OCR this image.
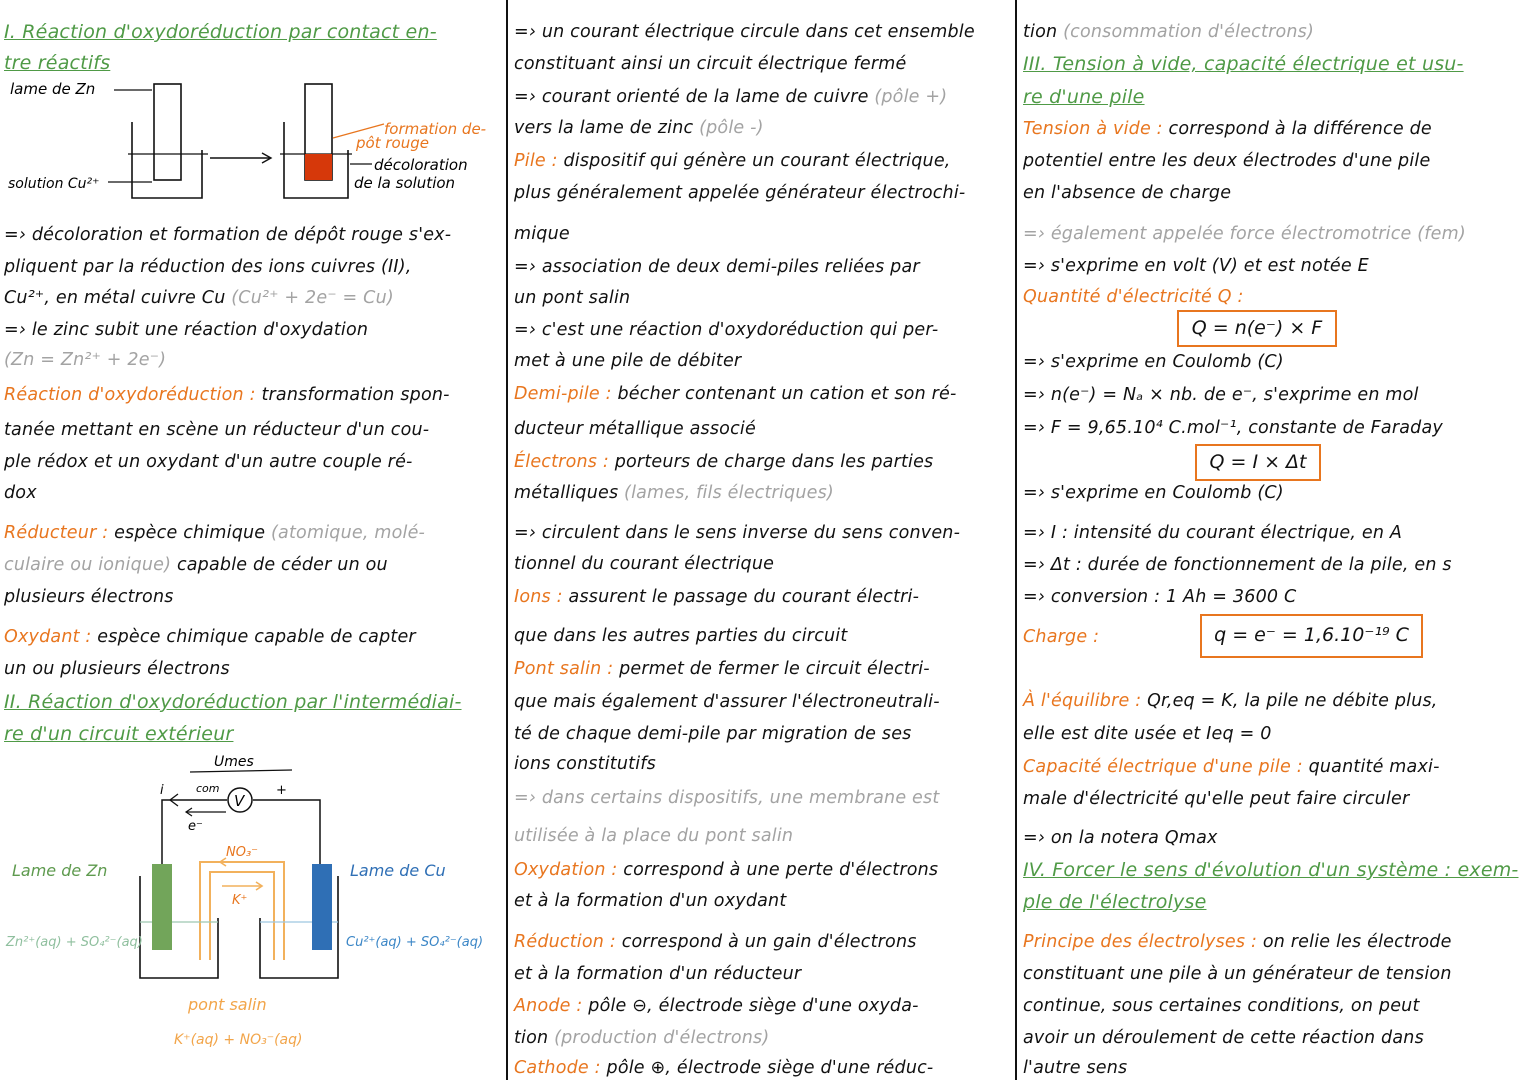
I. Réaction d'oxydoréduction par contact en-
tre réactifs
lame de Zn
solution Cu²⁺
formation de-
pôt rouge
décoloration
de la solution
=› décoloration et formation de dépôt rouge s'ex-
pliquent par la réduction des ions cuivres (II),
Cu²⁺, en métal cuivre Cu (Cu²⁺ + 2e⁻ = Cu)
=› le zinc subit une réaction d'oxydation
(Zn = Zn²⁺ + 2e⁻)
Réaction d'oxydoréduction : transformation spon-
tanée mettant en scène un réducteur d'un cou-
ple rédox et un oxydant d'un autre couple ré-
dox
Réducteur : espèce chimique (atomique, molé-
culaire ou ionique) capable de céder un ou
plusieurs électrons
Oxydant : espèce chimique capable de capter
un ou plusieurs électrons
II. Réaction d'oxydoréduction par l'intermédiai-
re d'un circuit extérieur
Umes
com
i	+
V
e⁻
NO₃⁻
K⁺
Lame de Zn	Lame de Cu
Zn²⁺(aq) + SO₄²⁻(aq)	Cu²⁺(aq) + SO₄²⁻(aq)
pont salin
K⁺(aq) + NO₃⁻(aq)
=› un courant électrique circule dans cet ensemble
constituant ainsi un circuit électrique fermé
=› courant orienté de la lame de cuivre (pôle +)
vers la lame de zinc (pôle -)
Pile : dispositif qui génère un courant électrique,
plus généralement appelée générateur électrochi-
mique
=› association de deux demi-piles reliées par
un pont salin
=› c'est une réaction d'oxydoréduction qui per-
met à une pile de débiter
Demi-pile : bécher contenant un cation et son ré-
ducteur métallique associé
Électrons : porteurs de charge dans les parties
métalliques (lames, fils électriques)
=› circulent dans le sens inverse du sens conven-
tionnel du courant électrique
Ions : assurent le passage du courant électri-
que dans les autres parties du circuit
Pont salin : permet de fermer le circuit électri-
que mais également d'assurer l'électroneutrali-
té de chaque demi-pile par migration de ses
ions constitutifs
=› dans certains dispositifs, une membrane est
utilisée à la place du pont salin
Oxydation : correspond à une perte d'électrons
et à la formation d'un oxydant
Réduction : correspond à un gain d'électrons
et à la formation d'un réducteur
Anode : pôle ⊖, électrode siège d'une oxyda-
tion (production d'électrons)
Cathode : pôle ⊕, électrode siège d'une réduc-
tion (consommation d'électrons)
III. Tension à vide, capacité électrique et usu-
re d'une pile
Tension à vide : correspond à la différence de
potentiel entre les deux électrodes d'une pile
en l'absence de charge
=› également appelée force électromotrice (fem)
=› s'exprime en volt (V) et est notée E
Quantité d'électricité Q :
Q = n(e⁻) × F
=› s'exprime en Coulomb (C)
=› n(e⁻) = Nₐ × nb. de e⁻, s'exprime en mol
=› F = 9,65.10⁴ C.mol⁻¹, constante de Faraday
Q = I × Δt
=› s'exprime en Coulomb (C)
=› I : intensité du courant électrique, en A
=› Δt : durée de fonctionnement de la pile, en s
=› conversion : 1 Ah = 3600 C
Charge :	q = e⁻ = 1,6.10⁻¹⁹ C
À l'équilibre : Qr,eq = K, la pile ne débite plus,
elle est dite usée et Ieq = 0
Capacité électrique d'une pile : quantité maxi-
male d'électricité qu'elle peut faire circuler
=› on la notera Qmax
IV. Forcer le sens d'évolution d'un système : exem-
ple de l'électrolyse
Principe des électrolyses : on relie les électrode
constituant une pile à un générateur de tension
continue, sous certaines conditions, on peut
avoir un déroulement de cette réaction dans
l'autre sens
